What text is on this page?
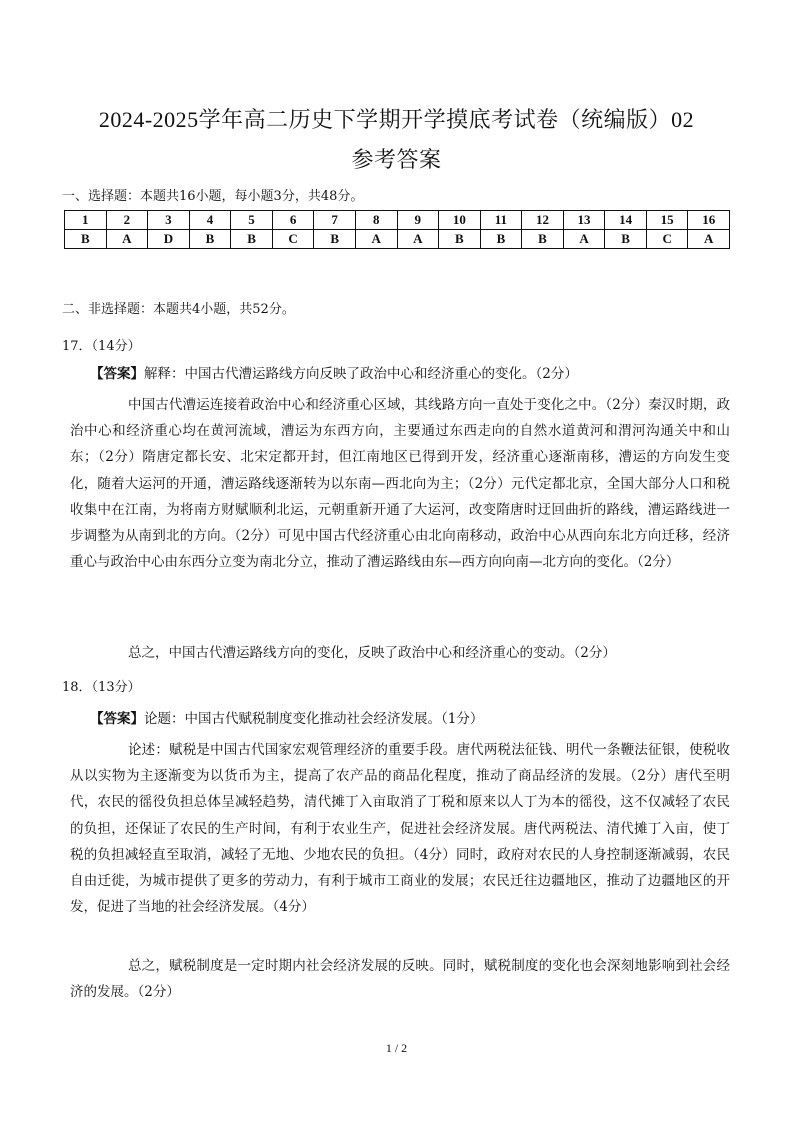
2024-2025学年高二历史下学期开学摸底考试卷（统编版）02
参考答案
一、选择题：本题共16小题，每小题3分，共48分。
1	2	3	4	5	6	7	8	9	10	11	12	13	14	15	16
B	A	D	B	B	C	B	A	A	B	B	B	A	B	C	A
二、非选择题：本题共4小题，共52分。
17．（14分）
【答案】解释：中国古代漕运路线方向反映了政治中心和经济重心的变化。（2分）

中国古代漕运连接着政治中心和经济重心区域，其线路方向一直处于变化之中。（2分）秦汉时期，政治中心和经济重心均在黄河流域，漕运为东西方向，主要通过东西走向的自然水道黄河和渭河沟通关中和山东；（2分）隋唐定都长安、北宋定都开封，但江南地区已得到开发，经济重心逐渐南移，漕运的方向发生变化，随着大运河的开通，漕运路线逐渐转为以东南—西北向为主；（2分）元代定都北京，全国大部分人口和税收集中在江南，为将南方财赋顺利北运，元朝重新开通了大运河，改变隋唐时迂回曲折的路线，漕运路线进一步调整为从南到北的方向。（2分）可见中国古代经济重心由北向南移动，政治中心从西向东北方向迁移，经济重心与政治中心由东西分立变为南北分立，推动了漕运路线由东—西方向向南—北方向的变化。（2分）

总之，中国古代漕运路线方向的变化，反映了政治中心和经济重心的变动。（2分）

18．（13分）
【答案】论题：中国古代赋税制度变化推动社会经济发展。（1分）

论述：赋税是中国古代国家宏观管理经济的重要手段。唐代两税法征钱、明代一条鞭法征银，使税收从以实物为主逐渐变为以货币为主，提高了农产品的商品化程度，推动了商品经济的发展。（2分）唐代至明代，农民的徭役负担总体呈减轻趋势，清代摊丁入亩取消了丁税和原来以人丁为本的徭役，这不仅减轻了农民的负担，还保证了农民的生产时间，有利于农业生产，促进社会经济发展。唐代两税法、清代摊丁入亩，使丁税的负担减轻直至取消，减轻了无地、少地农民的负担。（4分）同时，政府对农民的人身控制逐渐减弱，农民自由迁徙，为城市提供了更多的劳动力，有利于城市工商业的发展；农民迁往边疆地区，推动了边疆地区的开发，促进了当地的社会经济发展。（4分）

总之，赋税制度是一定时期内社会经济发展的反映。同时，赋税制度的变化也会深刻地影响到社会经济的发展。（2分）

1 / 2
